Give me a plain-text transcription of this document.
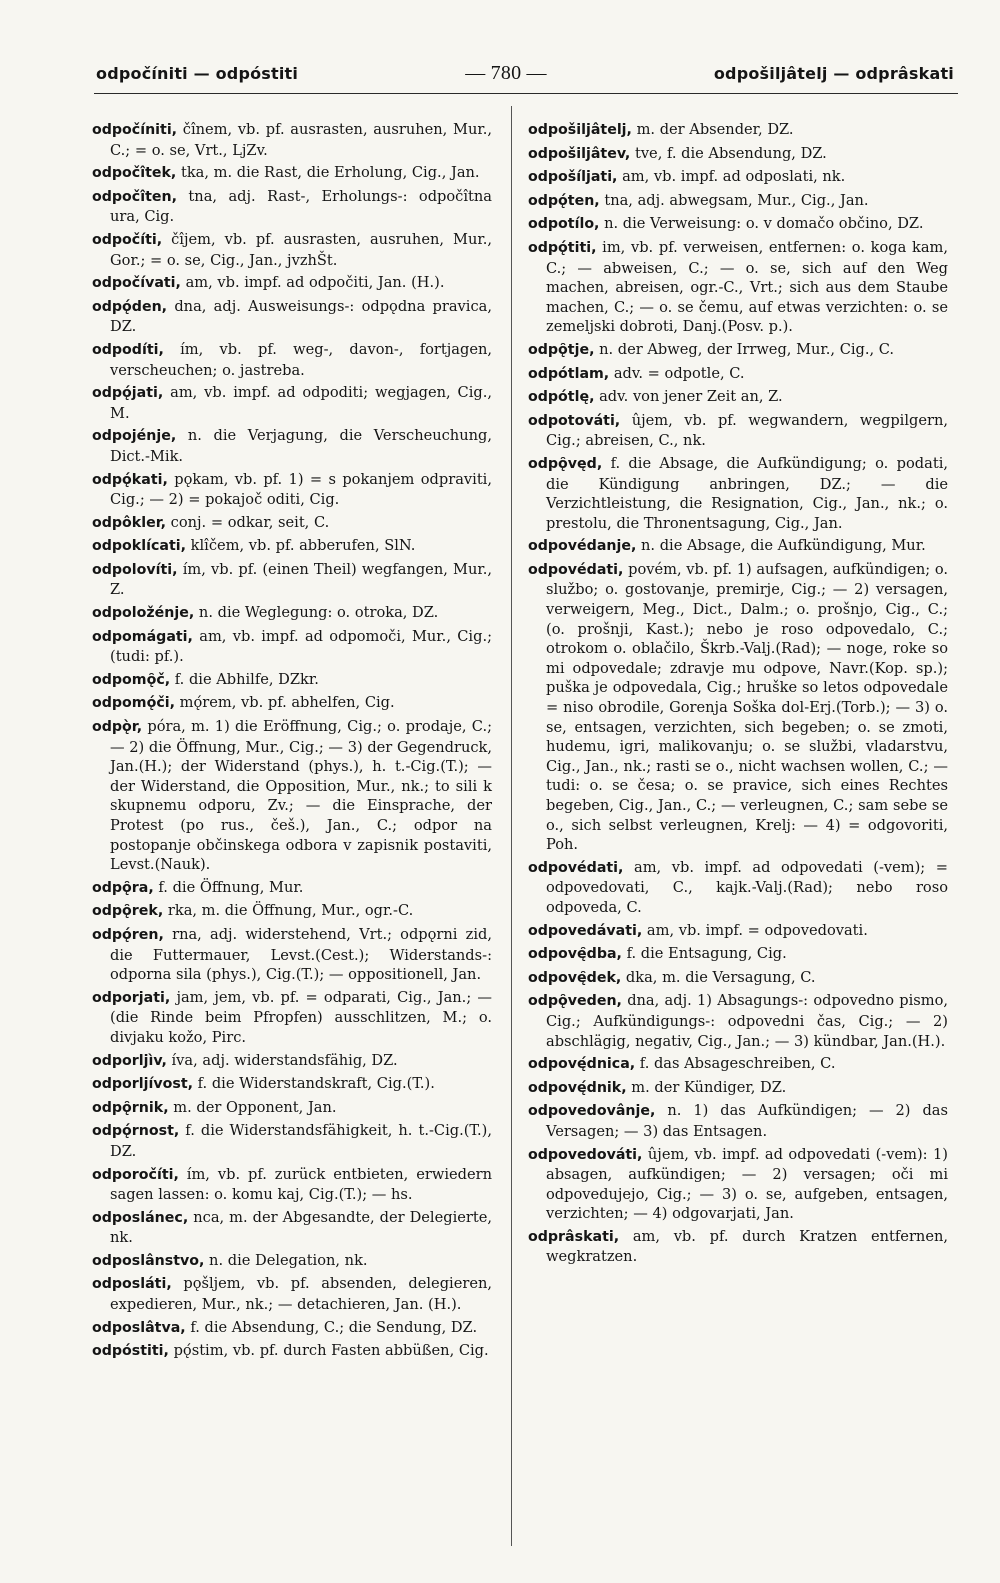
odpočíniti — odpóstiti	— 780 —	odpošiljâtelj — odprâskati

odpočíniti, čînem, vb. pf. ausrasten, ausruhen, Mur., C.; = o. se, Vrt., LjZv.

odpočîtek, tka, m. die Rast, die Erholung, Cig., Jan.

odpočîten, tna, adj. Rast-, Erholungs-: odpočîtna ura, Cig.

odpočíti, čîjem, vb. pf. ausrasten, ausruhen, Mur., Gor.; = o. se, Cig., Jan., jvzhŠt.

odpočívati, am, vb. impf. ad odpočiti, Jan. (H.).

odpǫ́den, dna, adj. Ausweisungs-: odpǫdna pravica, DZ.

odpodíti, ím, vb. pf. weg-, davon-, fortjagen, verscheuchen; o. jastreba.

odpǫ́jati, am, vb. impf. ad odpoditi; wegjagen, Cig., M.

odpojénje, n. die Verjagung, die Verscheuchung, Dict.-Mik.

odpǫ́kati, pǫkam, vb. pf. 1) = s pokanjem odpraviti, Cig.; — 2) = pokajoč oditi, Cig.

odpôkler, conj. = odkar, seit, C.

odpoklícati, klîčem, vb. pf. abberufen, SlN.

odpolovíti, ím, vb. pf. (einen Theil) wegfangen, Mur., Z.

odpoložénje, n. die Weglegung: o. otroka, DZ.

odpomágati, am, vb. impf. ad odpomoči, Mur., Cig.; (tudi: pf.).

odpomǫ̑č, f. die Abhilfe, DZkr.

odpomǫ́či, mǫ́rem, vb. pf. abhelfen, Cig.

odpǫ̀r, póra, m. 1) die Eröffnung, Cig.; o. prodaje, C.; — 2) die Öffnung, Mur., Cig.; — 3) der Gegendruck, Jan.(H.); der Widerstand (phys.), h. t.-Cig.(T.); — der Widerstand, die Opposition, Mur., nk.; to sili k skupnemu odporu, Zv.; — die Einsprache, der Protest (po rus., češ.), Jan., C.; odpor na postopanje občinskega odbora v zapisnik postaviti, Levst.(Nauk).

odpǫ̑ra, f. die Öffnung, Mur.

odpǫ̑rek, rka, m. die Öffnung, Mur., ogr.-C.

odpǫ́ren, rna, adj. widerstehend, Vrt.; odpǫrni zid, die Futtermauer, Levst.(Cest.); Widerstands-: odporna sila (phys.), Cig.(T.); — oppositionell, Jan.

odporjati, jam, jem, vb. pf. = odparati, Cig., Jan.; — (die Rinde beim Pfropfen) ausschlitzen, M.; o. divjaku kožo, Pirc.

odporljìv, íva, adj. widerstandsfähig, DZ.

odporljívost, f. die Widerstandskraft, Cig.(T.).

odpǫ̑rnik, m. der Opponent, Jan.

odpǫ́rnost, f. die Widerstandsfähigkeit, h. t.-Cig.(T.), DZ.

odporočíti, ím, vb. pf. zurück entbieten, erwiedern sagen lassen: o. komu kaj, Cig.(T.); — hs.

odposlánec, nca, m. der Abgesandte, der Delegierte, nk.

odposlânstvo, n. die Delegation, nk.

odposláti, pǫšljem, vb. pf. absenden, delegieren, expedieren, Mur., nk.; — detachieren, Jan. (H.).

odposlâtva, f. die Absendung, C.; die Sendung, DZ.

odpóstiti, pǫ́stim, vb. pf. durch Fasten abbüßen, Cig.

odpošiljâtelj, m. der Absender, DZ.

odpošiljâtev, tve, f. die Absendung, DZ.

odpošíljati, am, vb. impf. ad odposlati, nk.

odpǫ́ten, tna, adj. abwegsam, Mur., Cig., Jan.

odpotílo, n. die Verweisung: o. v domačo občino, DZ.

odpǫ́titi, im, vb. pf. verweisen, entfernen: o. koga kam, C.; — abweisen, C.; — o. se, sich auf den Weg machen, abreisen, ogr.-C., Vrt.; sich aus dem Staube machen, C.; — o. se čemu, auf etwas verzichten: o. se zemeljski dobroti, Danj.(Posv. p.).

odpǫ̑tje, n. der Abweg, der Irrweg, Mur., Cig., C.

odpótlam, adv. = odpotle, C.

odpótlę, adv. von jener Zeit an, Z.

odpotováti, ûjem, vb. pf. wegwandern, wegpilgern, Cig.; abreisen, C., nk.

odpǫ̑vęd, f. die Absage, die Aufkündigung; o. podati, die Kündigung anbringen, DZ.; — die Verzichtleistung, die Resignation, Cig., Jan., nk.; o. prestolu, die Thronentsagung, Cig., Jan.

odpovédanje, n. die Absage, die Aufkündigung, Mur.

odpovédati, povém, vb. pf. 1) aufsagen, aufkündigen; o. službo; o. gostovanje, premirje, Cig.; — 2) versagen, verweigern, Meg., Dict., Dalm.; o. prošnjo, Cig., C.; (o. prošnji, Kast.); nebo je roso odpovedalo, C.; otrokom o. oblačilo, Škrb.-Valj.(Rad); — noge, roke so mi odpovedale; zdravje mu odpove, Navr.(Kop. sp.); puška je odpovedala, Cig.; hruške so letos odpovedale = niso obrodile, Gorenja Soška dol-Erj.(Torb.); — 3) o. se, entsagen, verzichten, sich begeben; o. se zmoti, hudemu, igri, malikovanju; o. se službi, vladarstvu, Cig., Jan., nk.; rasti se o., nicht wachsen wollen, C.; — tudi: o. se česa; o. se pravice, sich eines Rechtes begeben, Cig., Jan., C.; — verleugnen, C.; sam sebe se o., sich selbst verleugnen, Krelj: — 4) = odgovoriti, Poh.

odpovédati, am, vb. impf. ad odpovedati (-vem); = odpovedovati, C., kajk.-Valj.(Rad); nebo roso odpoveda, C.

odpovedávati, am, vb. impf. = odpovedovati.

odpovę̑dba, f. die Entsagung, Cig.

odpovę̑dek, dka, m. die Versagung, C.

odpǫ̑veden, dna, adj. 1) Absagungs-: odpovedno pismo, Cig.; Aufkündigungs-: odpovedni čas, Cig.; — 2) abschlägig, negativ, Cig., Jan.; — 3) kündbar, Jan.(H.).

odpovę́dnica, f. das Absageschreiben, C.

odpovę́dnik, m. der Kündiger, DZ.

odpovedovânje, n. 1) das Aufkündigen; — 2) das Versagen; — 3) das Entsagen.

odpovedováti, ûjem, vb. impf. ad odpovedati (-vem): 1) absagen, aufkündigen; — 2) versagen; oči mi odpovedujejo, Cig.; — 3) o. se, aufgeben, entsagen, verzichten; — 4) odgovarjati, Jan.

odprâskati, am, vb. pf. durch Kratzen entfernen, wegkratzen.
